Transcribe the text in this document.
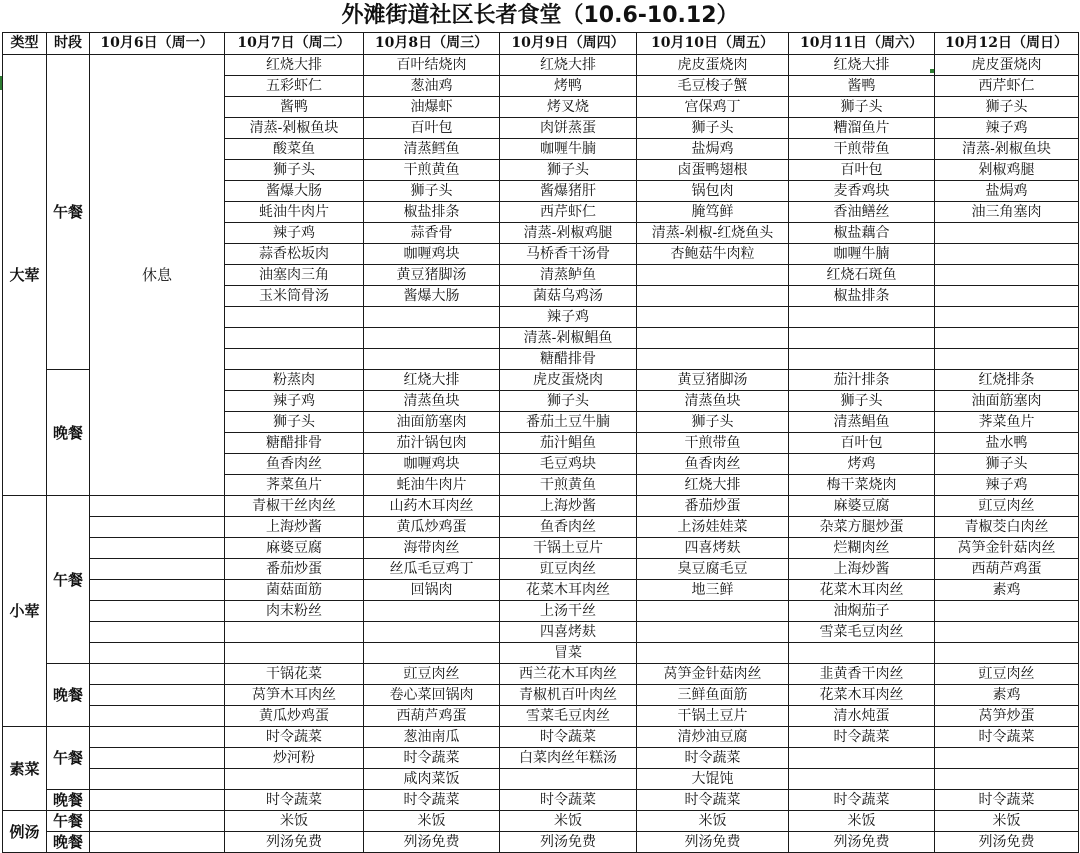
外滩街道社区长者食堂（10.6-10.12）
类型	时段	10月6日（周一）	10月7日（周二）	10月8日（周三）	10月9日（周四）	10月10日（周五）	10月11日（周六）	10月12日（周日）
大荤	午餐	休息	红烧大排	百叶结烧肉	红烧大排	虎皮蛋烧肉	红烧大排	虎皮蛋烧肉
			五彩虾仁	葱油鸡	烤鸭	毛豆梭子蟹	酱鸭	西芹虾仁
			酱鸭	油爆虾	烤叉烧	宫保鸡丁	狮子头	狮子头
			清蒸-剁椒鱼块	百叶包	肉饼蒸蛋	狮子头	糟溜鱼片	辣子鸡
			酸菜鱼	清蒸鳕鱼	咖喱牛腩	盐焗鸡	干煎带鱼	清蒸-剁椒鱼块
			狮子头	干煎黄鱼	狮子头	卤蛋鸭翅根	百叶包	剁椒鸡腿
			酱爆大肠	狮子头	酱爆猪肝	锅包肉	麦香鸡块	盐焗鸡
			蚝油牛肉片	椒盐排条	西芹虾仁	腌笃鲜	香油鳝丝	油三角塞肉
			辣子鸡	蒜香骨	清蒸-剁椒鸡腿	清蒸-剁椒-红烧鱼头	椒盐藕合	
			蒜香松坂肉	咖喱鸡块	马桥香干汤骨	杏鲍菇牛肉粒	咖喱牛腩	
			油塞肉三角	黄豆猪脚汤	清蒸鲈鱼		红烧石斑鱼	
			玉米筒骨汤	酱爆大肠	菌菇乌鸡汤		椒盐排条	
					辣子鸡			
					清蒸-剁椒鲳鱼			
					糖醋排骨			
	晚餐		粉蒸肉	红烧大排	虎皮蛋烧肉	黄豆猪脚汤	茄汁排条	红烧排条
			辣子鸡	清蒸鱼块	狮子头	清蒸鱼块	狮子头	油面筋塞肉
			狮子头	油面筋塞肉	番茄土豆牛腩	狮子头	清蒸鲳鱼	荠菜鱼片
			糖醋排骨	茄汁锅包肉	茄汁鲳鱼	干煎带鱼	百叶包	盐水鸭
			鱼香肉丝	咖喱鸡块	毛豆鸡块	鱼香肉丝	烤鸡	狮子头
			荠菜鱼片	蚝油牛肉片	干煎黄鱼	红烧大排	梅干菜烧肉	辣子鸡
小荤	午餐		青椒干丝肉丝	山药木耳肉丝	上海炒酱	番茄炒蛋	麻婆豆腐	豇豆肉丝
			上海炒酱	黄瓜炒鸡蛋	鱼香肉丝	上汤娃娃菜	杂菜方腿炒蛋	青椒茭白肉丝
			麻婆豆腐	海带肉丝	干锅土豆片	四喜烤麸	烂糊肉丝	莴笋金针菇肉丝
			番茄炒蛋	丝瓜毛豆鸡丁	豇豆肉丝	臭豆腐毛豆	上海炒酱	西葫芦鸡蛋
			菌菇面筋	回锅肉	花菜木耳肉丝	地三鲜	花菜木耳肉丝	素鸡
			肉末粉丝		上汤干丝		油焖茄子	
					四喜烤麸		雪菜毛豆肉丝	
					冒菜			
	晚餐		干锅花菜	豇豆肉丝	西兰花木耳肉丝	莴笋金针菇肉丝	韭黄香干肉丝	豇豆肉丝
			莴笋木耳肉丝	卷心菜回锅肉	青椒机百叶肉丝	三鲜鱼面筋	花菜木耳肉丝	素鸡
			黄瓜炒鸡蛋	西葫芦鸡蛋	雪菜毛豆肉丝	干锅土豆片	清水炖蛋	莴笋炒蛋
素菜	午餐		时令蔬菜	葱油南瓜	时令蔬菜	清炒油豆腐	时令蔬菜	时令蔬菜
			炒河粉	时令蔬菜	白菜肉丝年糕汤	时令蔬菜		
				咸肉菜饭		大馄饨		
	晚餐		时令蔬菜	时令蔬菜	时令蔬菜	时令蔬菜	时令蔬菜	时令蔬菜
例汤	午餐		米饭	米饭	米饭	米饭	米饭	米饭
	晚餐		列汤免费	列汤免费	列汤免费	列汤免费	列汤免费	列汤免费
